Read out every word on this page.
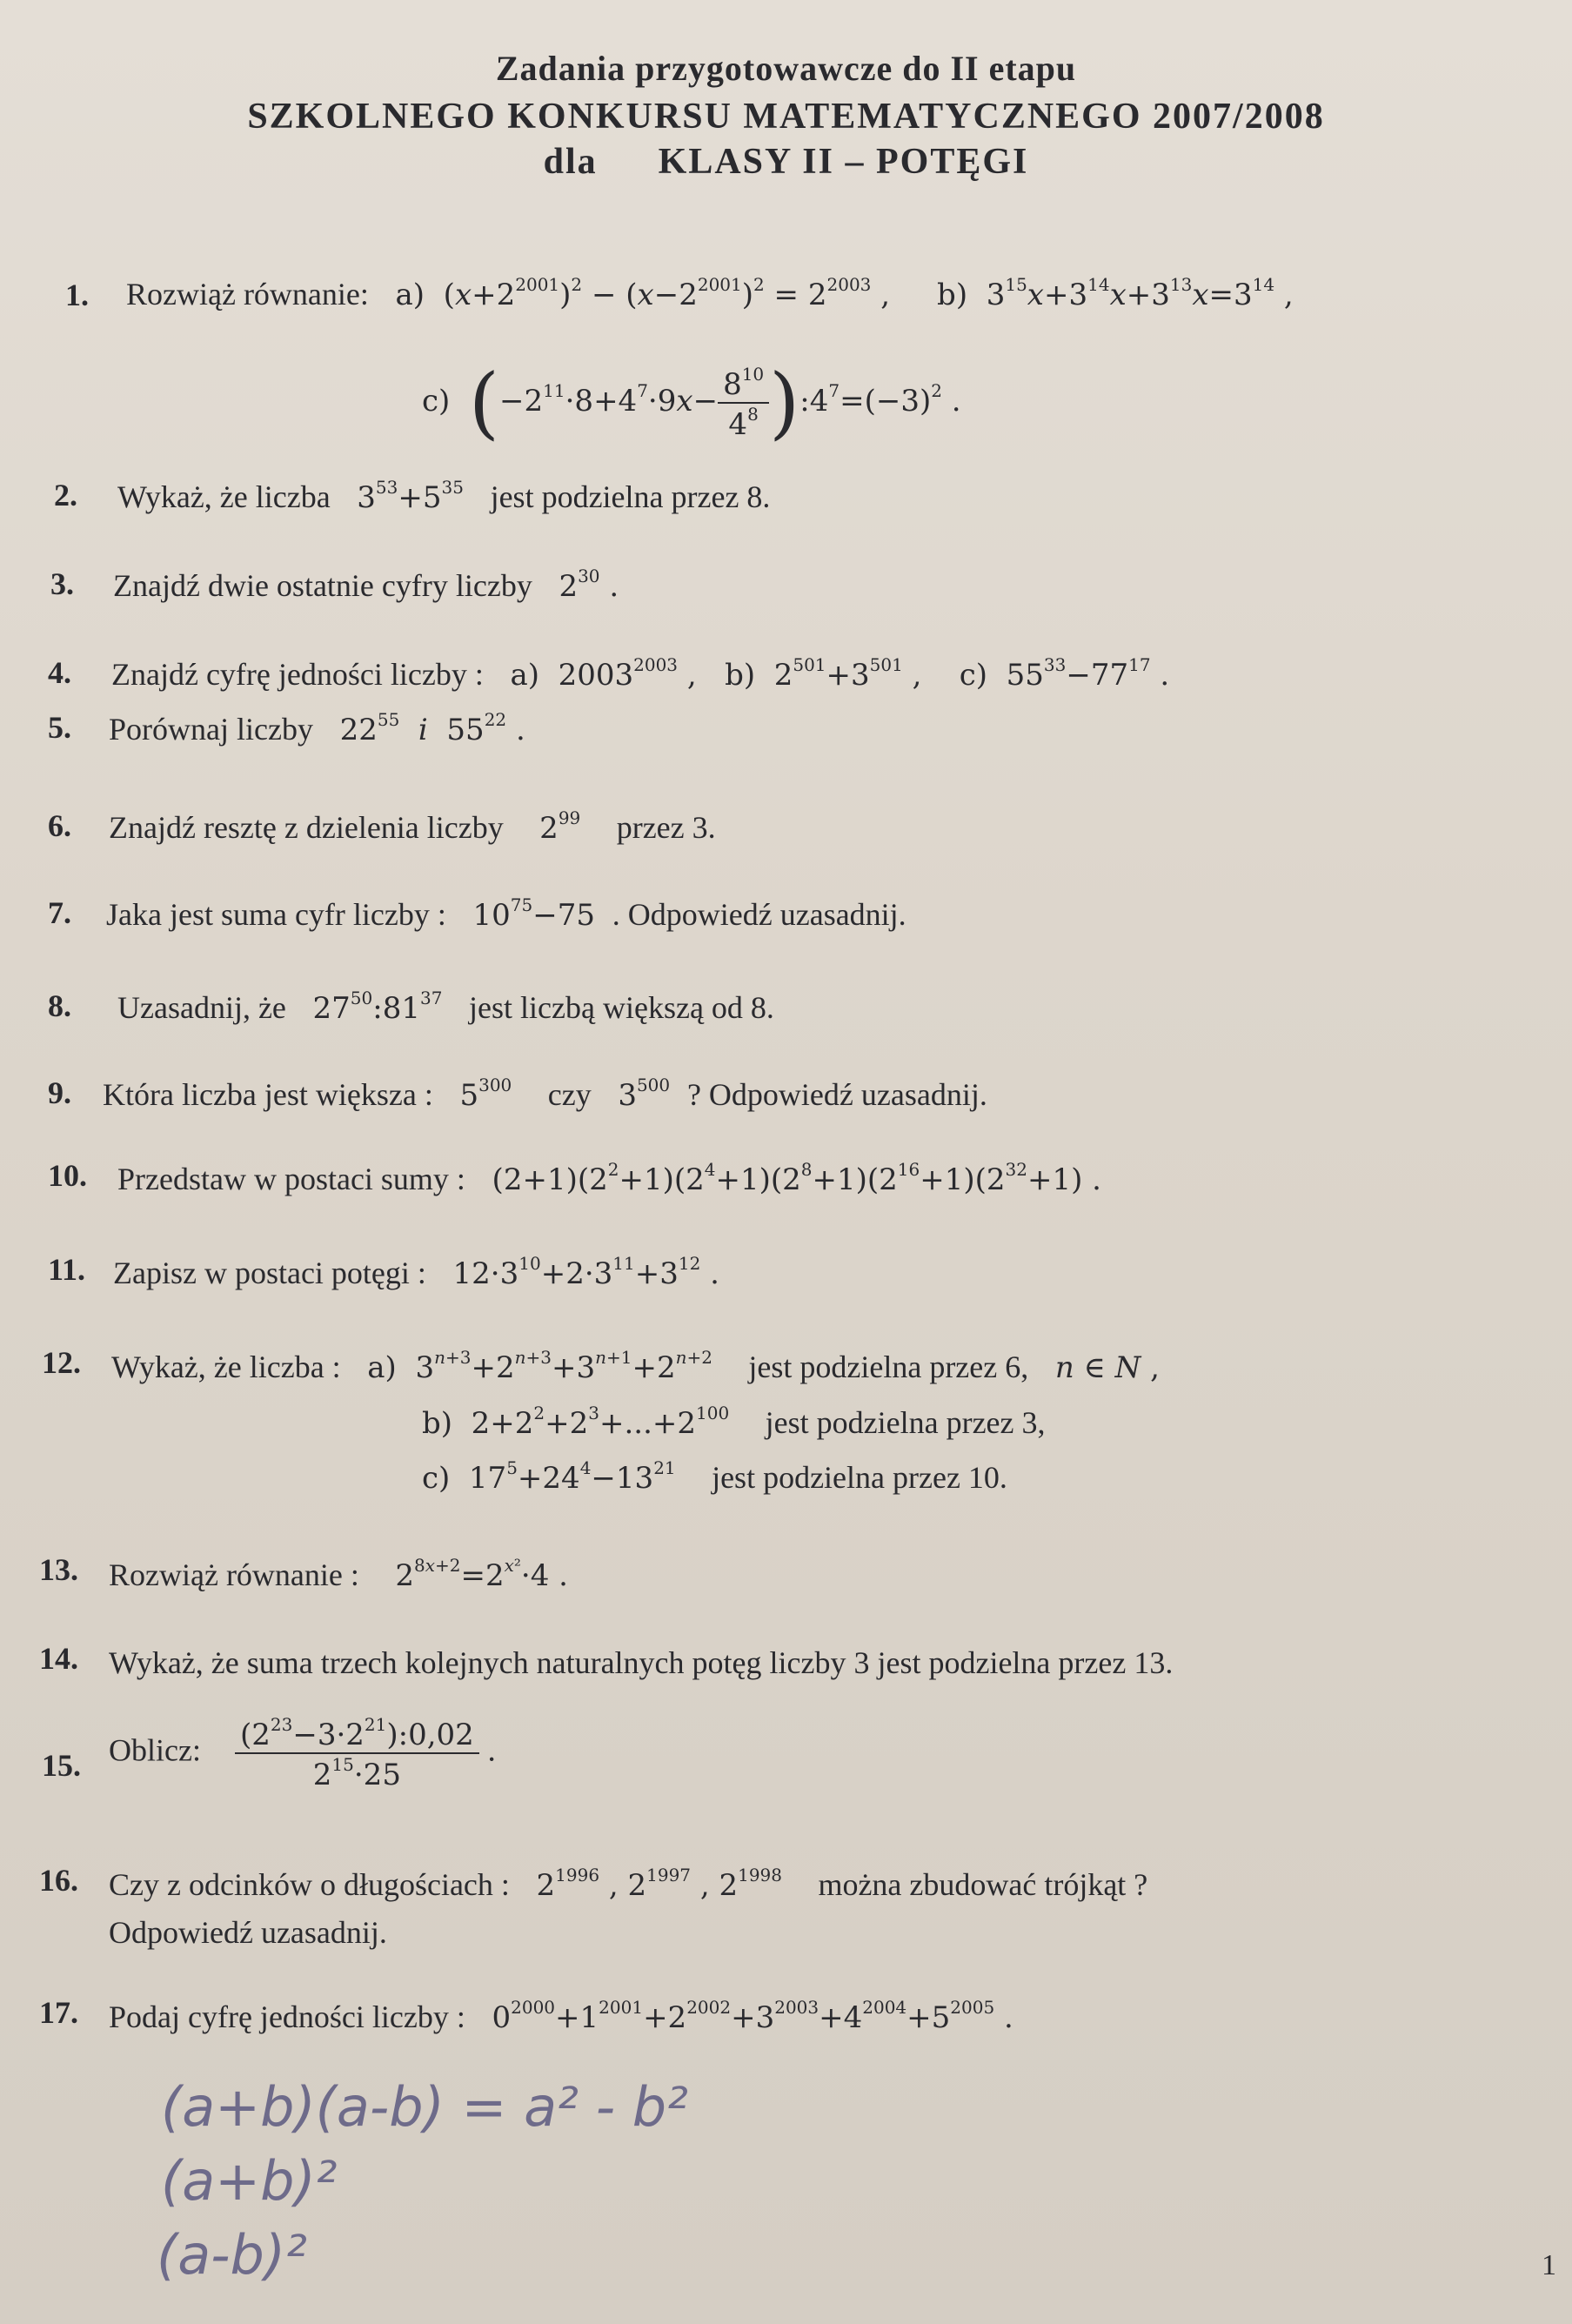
Zadania przygotowawcze do II etapu
SZKOLNEGO KONKURSU MATEMATYCZNEGO 2007/2008
dla KLASY II – POTĘGI
1. Rozwiąż równanie:   a)  $(x+2^{2001})^2 - (x-2^{2001})^2 = 2^{2003}$ ,     b)  $3^{15}x+3^{14}x+3^{13}x=3^{14}$ ,
c)  ($-2^{11}\cdot 8+4^7\cdot 9x- \frac{8^{10}}{4^8}$ )$:4^7=(-3)^2$ .
2. Wykaż, że liczba   $3^{53}+5^{35}$ jest podzielna przez 8.
3. Znajdź dwie ostatnie cyfry liczby   $2^{30}$ .
4. Znajdź cyfrę jedności liczby :   a)  $2003^{2003}$ ,   b)  $2^{501}+3^{501}$ ,    c)  $55^{33}-77^{17}$ .
5. Porównaj liczby   $22^{55}$ i  $55^{22}$ .
6. Znajdź resztę z dzielenia liczby    $2^{99}$ przez 3.
7. Jaka jest suma cyfr liczby :   $10^{75}-75$  . Odpowiedź uzasadnij.
8. Uzasadnij, że   $27^{50}:81^{37}$ jest liczbą większą od 8.
9. Która liczba jest większa :   $5^{300}$ czy   $3^{500}$ ? Odpowiedź uzasadnij.
10. Przedstaw w postaci sumy :   $(2+1)(2^2+1)(2^4+1)(2^8+1)(2^{16}+1)(2^{32}+1)$ .
11. Zapisz w postaci potęgi :   $12\cdot 3^{10}+2\cdot 3^{11}+3^{12}$ .
12. Wykaż, że liczba :   a)  $3^{n+3}+2^{n+3}+3^{n+1}+2^{n+2}$ jest podzielna przez 6, n ∈ N ,
b)  $2+2^2+2^3+...+2^{100}$ jest podzielna przez 3,
c)  $17^5+24^4-13^{21}$ jest podzielna przez 10.
13. Rozwiąż równanie :    $2^{8x+2}=2^{x^2}\cdot 4$ .
14. Wykaż, że suma trzech kolejnych naturalnych potęg liczby 3 jest podzielna przez 13.
15. Oblicz: $\frac{(2^{23}-3\cdot 2^{21}):0,02}{2^{15}\cdot 25}$ .
16. Czy z odcinków o długościach :   $2^{1996}$ , $2^{1997}$ , $2^{1998}$ można zbudować trójkąt ?
Odpowiedź uzasadnij.
17. Podaj cyfrę jedności liczby :   $0^{2000}+1^{2001}+2^{2002}+3^{2003}+4^{2004}+5^{2005}$ .
(a+b)(a-b) = a² - b²
(a+b)²
(a-b)²	1
